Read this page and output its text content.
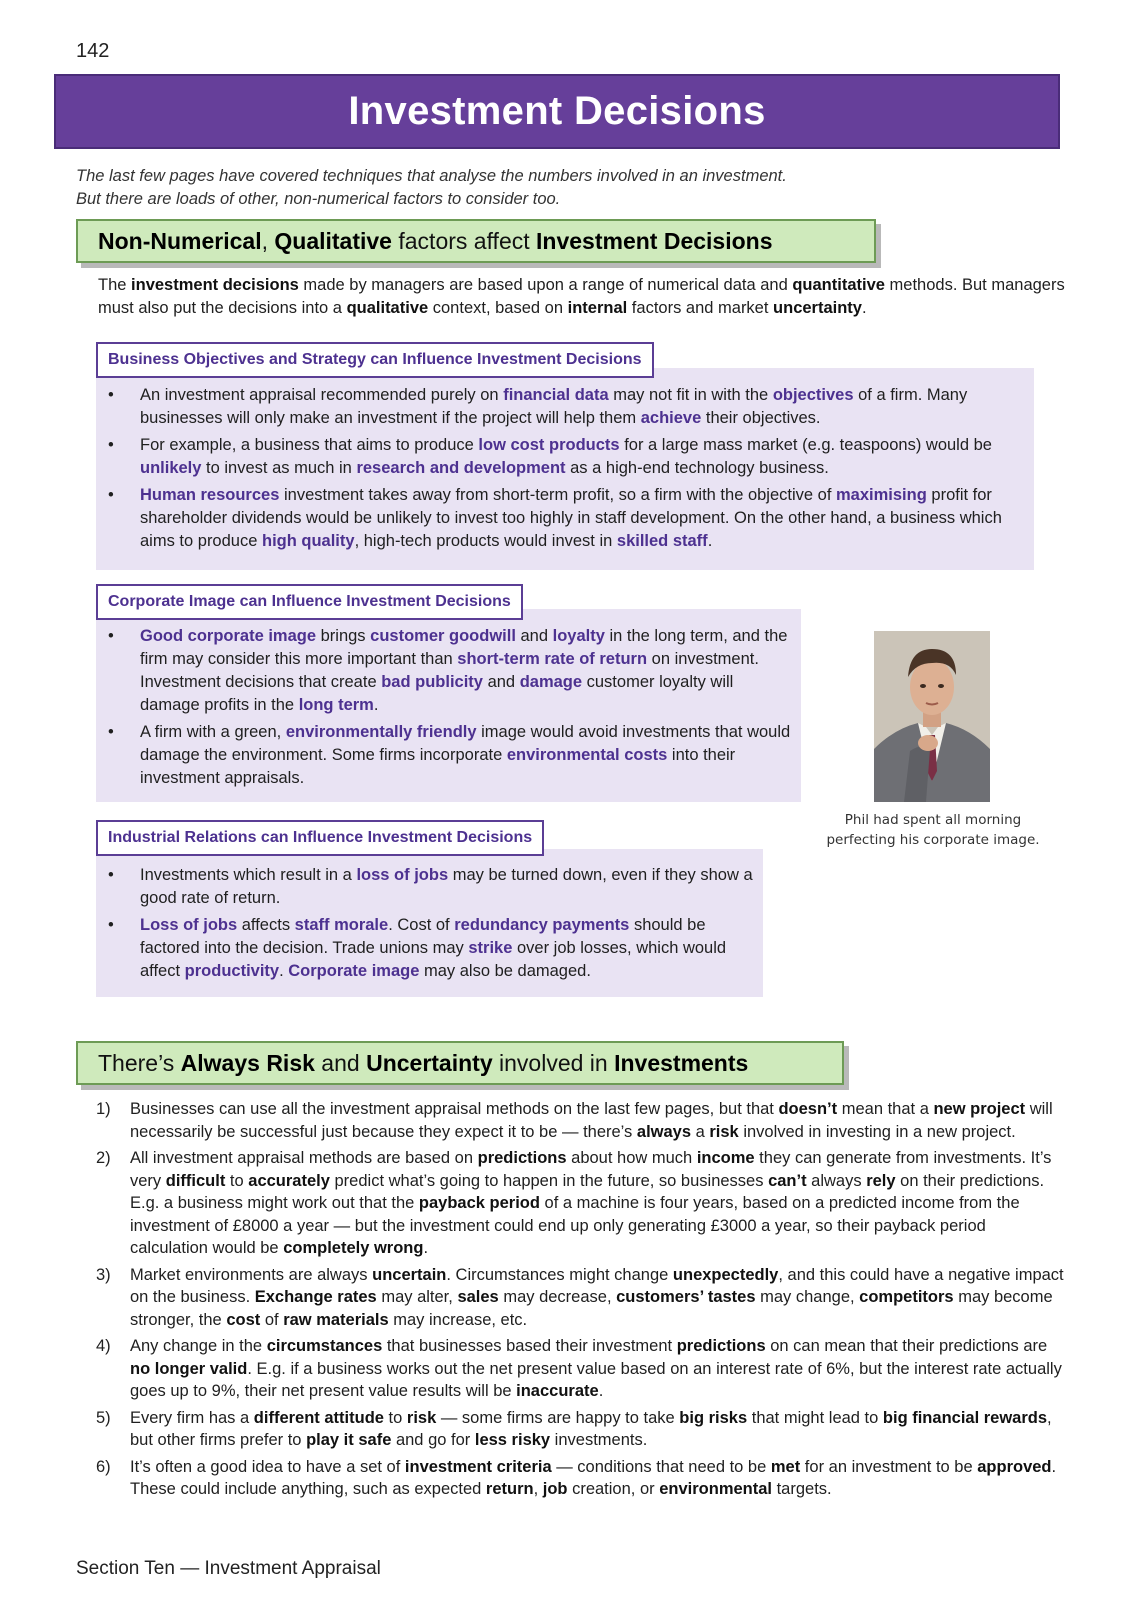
142
Investment Decisions
The last few pages have covered techniques that analyse the numbers involved in an investment.
But there are loads of other, non-numerical factors to consider too.
Non-Numerical, Qualitative factors affect Investment Decisions
The investment decisions made by managers are based upon a range of numerical data and quantitative methods. But managers must also put the decisions into a qualitative context, based on internal factors and market uncertainty.
Business Objectives and Strategy can Influence Investment Decisions
• An investment appraisal recommended purely on financial data may not fit in with the objectives of a firm. Many businesses will only make an investment if the project will help them achieve their objectives.
• For example, a business that aims to produce low cost products for a large mass market (e.g. teaspoons) would be unlikely to invest as much in research and development as a high-end technology business.
• Human resources investment takes away from short-term profit, so a firm with the objective of maximising profit for shareholder dividends would be unlikely to invest too highly in staff development. On the other hand, a business which aims to produce high quality, high-tech products would invest in skilled staff.
Corporate Image can Influence Investment Decisions
• Good corporate image brings customer goodwill and loyalty in the long term, and the firm may consider this more important than short-term rate of return on investment. Investment decisions that create bad publicity and damage customer loyalty will damage profits in the long term.
• A firm with a green, environmentally friendly image would avoid investments that would damage the environment. Some firms incorporate environmental costs into their investment appraisals.
Phil had spent all morning
perfecting his corporate image.
Industrial Relations can Influence Investment Decisions
• Investments which result in a loss of jobs may be turned down, even if they show a good rate of return.
• Loss of jobs affects staff morale. Cost of redundancy payments should be factored into the decision. Trade unions may strike over job losses, which would affect productivity. Corporate image may also be damaged.
There’s Always Risk and Uncertainty involved in Investments
1) Businesses can use all the investment appraisal methods on the last few pages, but that doesn’t mean that a new project will necessarily be successful just because they expect it to be — there’s always a risk involved in investing in a new project.
2) All investment appraisal methods are based on predictions about how much income they can generate from investments. It’s very difficult to accurately predict what’s going to happen in the future, so businesses can’t always rely on their predictions. E.g. a business might work out that the payback period of a machine is four years, based on a predicted income from the investment of £8000 a year — but the investment could end up only generating £3000 a year, so their payback period calculation would be completely wrong.
3) Market environments are always uncertain. Circumstances might change unexpectedly, and this could have a negative impact on the business. Exchange rates may alter, sales may decrease, customers’ tastes may change, competitors may become stronger, the cost of raw materials may increase, etc.
4) Any change in the circumstances that businesses based their investment predictions on can mean that their predictions are no longer valid. E.g. if a business works out the net present value based on an interest rate of 6%, but the interest rate actually goes up to 9%, their net present value results will be inaccurate.
5) Every firm has a different attitude to risk — some firms are happy to take big risks that might lead to big financial rewards, but other firms prefer to play it safe and go for less risky investments.
6) It’s often a good idea to have a set of investment criteria — conditions that need to be met for an investment to be approved. These could include anything, such as expected return, job creation, or environmental targets.
Section Ten — Investment Appraisal
